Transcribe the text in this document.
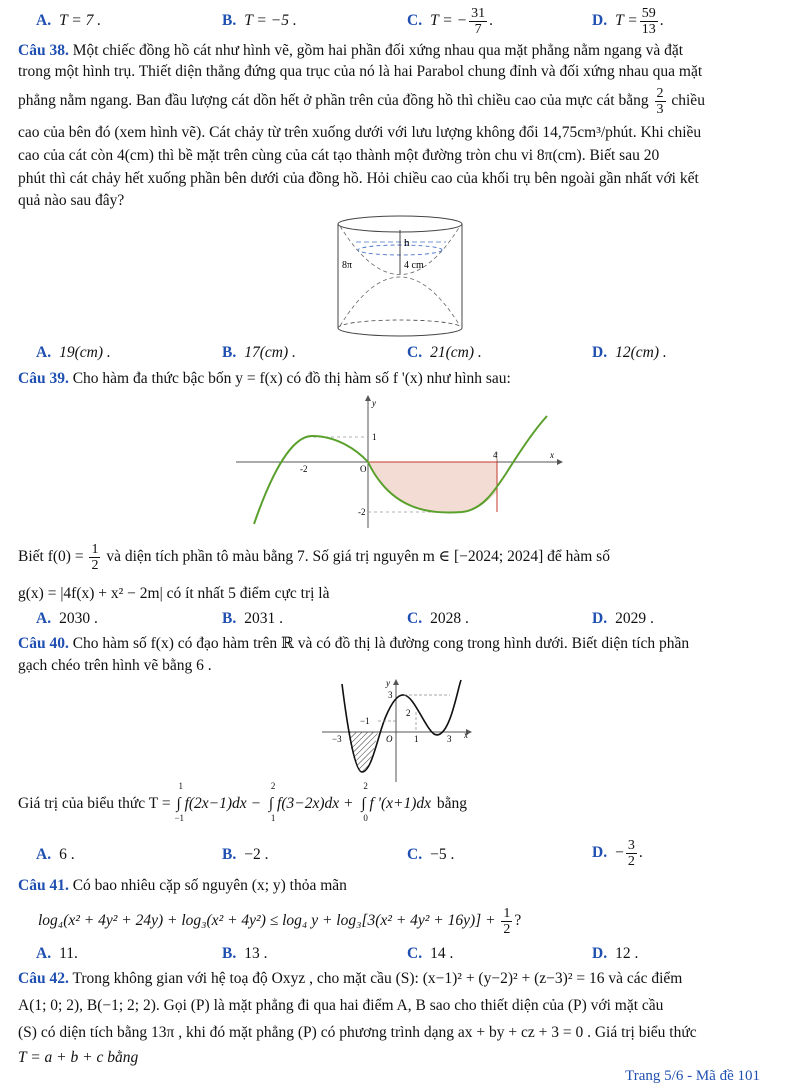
A. T = 7 .	B. T = −5 .	C. T = − $\frac{31}{7}$ .	D. $T = \frac{59}{13}$ .
Câu 38. Một chiếc đồng hồ cát như hình vẽ, gồm hai phần đối xứng nhau qua mặt phẳng nằm ngang và đặt
trong một hình trụ. Thiết diện thẳng đứng qua trục của nó là hai Parabol chung đỉnh và đối xứng nhau qua mặt
phẳng nằm ngang. Ban đầu lượng cát dồn hết ở phần trên của đồng hồ thì chiều cao của mực cát bằng $\frac{2}{3}$ chiều
cao của bên đó (xem hình vẽ). Cát chảy từ trên xuống dưới với lưu lượng không đổi 14,75cm³/phút. Khi chiều
cao của cát còn 4(cm) thì bề mặt trên cùng của cát tạo thành một đường tròn chu vi 8π(cm). Biết sau 20
phút thì cát chảy hết xuống phần bên dưới của đồng hồ. Hỏi chiều cao của khối trụ bên ngoài gần nhất với kết
quả nào sau đây?
h
8π	4 cm
A. 19(cm) .	B. 17(cm) .	C. 21(cm) .	D. 12(cm) .
Câu 39. Cho hàm đa thức bậc bốn y = f(x) có đồ thị hàm số f '(x) như hình sau:
y
x
1
-2	O
4
-2
Biết $f(0) = \frac{1}{2}$ và diện tích phần tô màu bằng 7. Số giá trị nguyên m ∈ [−2024; 2024] để hàm số
g(x) = |4f(x) + x² − 2m| có ít nhất 5 điểm cực trị là
A. 2030 .	B. 2031 .	C. 2028 .	D. 2029 .
Câu 40. Cho hàm số f(x) có đạo hàm trên ℝ và có đồ thị là đường cong trong hình dưới. Biết diện tích phần
gạch chéo trên hình vẽ bằng 6 .
y
x
3
2
−1
−3	O 1	3
Giá trị của biểu thức T =
1
−1
∫ f(2x−1)dx −
2
1
∫ f(3−2x)dx +
2
0
∫ f '(x+1)dx bằng
A. 6 .	B. −2 .	C. −5 .	D. − $\frac{3}{2}$ .
Câu 41. Có bao nhiêu cặp số nguyên (x; y) thỏa mãn
log₄(x² + 4y² + 24y) + log₃(x² + 4y²) ≤ log₄ $y + \log_3[3(x^2 + 4y^2 + 16y)] + \frac{1}{2}$ ?
A. 11.	B. 13 .	C. 14 .	D. 12 .
Câu 42. Trong không gian với hệ toạ độ Oxyz , cho mặt cầu (S): (x−1)² + (y−2)² + (z−3)² = 16 và các điểm
A(1; 0; 2), B(−1; 2; 2). Gọi (P) là mặt phẳng đi qua hai điểm A, B sao cho thiết diện của (P) với mặt cầu
(S) có diện tích bằng 13π , khi đó mặt phẳng (P) có phương trình dạng ax + by + cz + 3 = 0 . Giá trị biểu thức
T = a + b + c bằng
Trang 5/6 - Mã đề 101
